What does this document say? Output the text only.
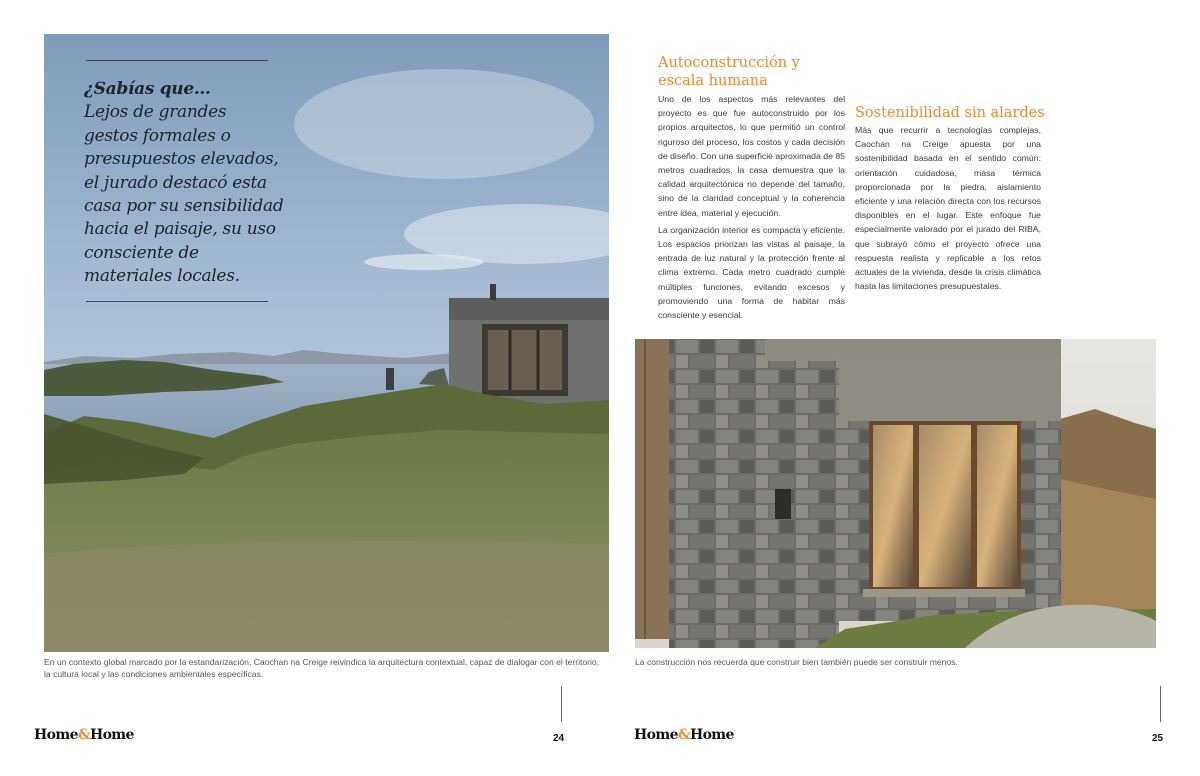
¿Sabías que…
Lejos de grandes gestos formales o presupuestos elevados, el jurado destacó esta casa por su sensibilidad hacia el paisaje, su uso consciente de materiales locales.
En un contexto global marcado por la estandarización, Caochan na Creige reivindica la arquitectura contextual, capaz de dialogar con el territorio, la cultura local y las condiciones ambientales específicas.
Home&Home	24
Autoconstrucción y escala humana

Uno de los aspectos más relevantes del proyecto es que fue autoconstruido por los propios arquitectos, lo que permitió un control riguroso del proceso, los costos y cada decisión de diseño. Con una superficie aproximada de 85 metros cuadrados, la casa demuestra que la calidad arquitectónica no depende del tamaño, sino de la claridad conceptual y la coherencia entre idea, material y ejecución.

La organización interior es compacta y eficiente. Los espacios priorizan las vistas al paisaje, la entrada de luz natural y la protección frente al clima extremo. Cada metro cuadrado cumple múltiples funciones, evitando excesos y promoviendo una forma de habitar más consciente y esencial.

Sostenibilidad sin alardes
Más que recurrir a tecnologías complejas, Caochan na Creige apuesta por una sostenibilidad basada en el sentido común: orientación cuidadosa, masa térmica proporcionada por la piedra, aislamiento eficiente y una relación directa con los recursos disponibles en el lugar. Este enfoque fue especialmente valorado por el jurado del RIBA, que subrayó cómo el proyecto ofrece una respuesta realista y replicable a los retos actuales de la vivienda, desde la crisis climática hasta las limitaciones presupuestales.
La construcción nos recuerda que construir bien también puede ser construir menos.
Home&Home	25
